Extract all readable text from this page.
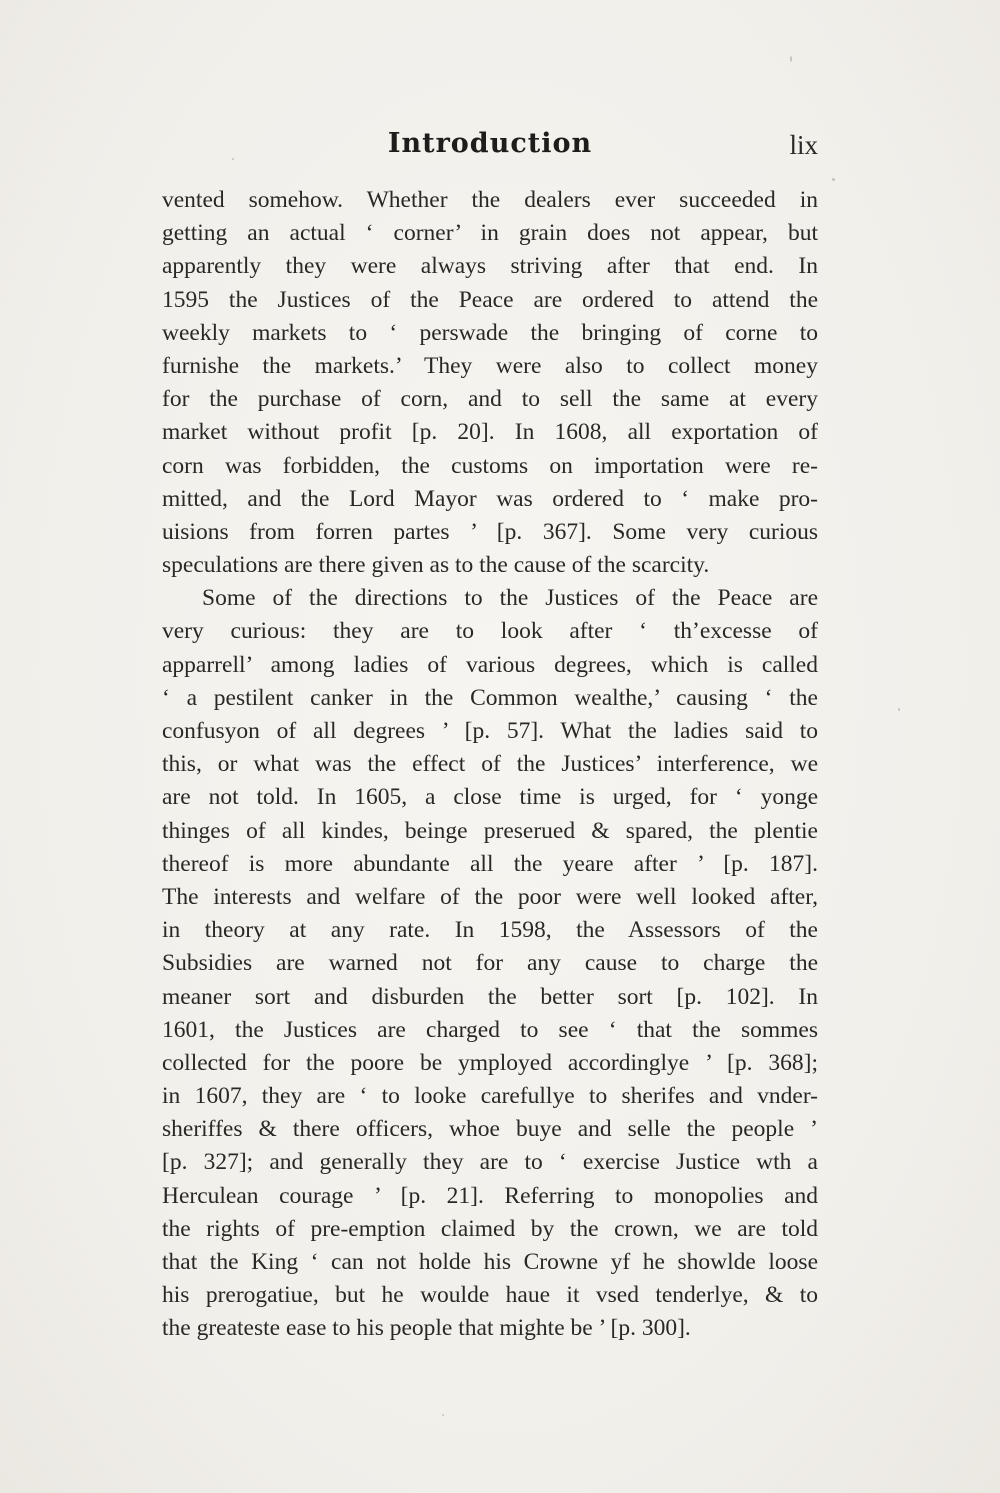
Introduction	lix
vented somehow. Whether the dealers ever succeeded in
getting an actual ‘ corner’ in grain does not appear, but
apparently they were always striving after that end. In
1595 the Justices of the Peace are ordered to attend the
weekly markets to ‘ perswade the bringing of corne to
furnishe the markets.’ They were also to collect money
for the purchase of corn, and to sell the same at every
market without profit [p. 20]. In 1608, all exportation of
corn was forbidden, the customs on importation were re-
mitted, and the Lord Mayor was ordered to ‘ make pro-
uisions from forren partes ’ [p. 367]. Some very curious
speculations are there given as to the cause of the scarcity.
Some of the directions to the Justices of the Peace are
very curious: they are to look after ‘ th’excesse of
apparrell’ among ladies of various degrees, which is called
‘ a pestilent canker in the Common wealthe,’ causing ‘ the
confusyon of all degrees ’ [p. 57]. What the ladies said to
this, or what was the effect of the Justices’ interference, we
are not told. In 1605, a close time is urged, for ‘ yonge
thinges of all kindes, beinge preserued & spared, the plentie
thereof is more abundante all the yeare after ’ [p. 187].
The interests and welfare of the poor were well looked after,
in theory at any rate. In 1598, the Assessors of the
Subsidies are warned not for any cause to charge the
meaner sort and disburden the better sort [p. 102]. In
1601, the Justices are charged to see ‘ that the sommes
collected for the poore be ymployed accordinglye ’ [p. 368];
in 1607, they are ‘ to looke carefullye to sherifes and vnder-
sheriffes & there officers, whoe buye and selle the people ’
[p. 327]; and generally they are to ‘ exercise Justice wth a
Herculean courage ’ [p. 21]. Referring to monopolies and
the rights of pre-emption claimed by the crown, we are told
that the King ‘ can not holde his Crowne yf he showlde loose
his prerogatiue, but he woulde haue it vsed tenderlye, & to
the greateste ease to his people that mighte be ’ [p. 300].
